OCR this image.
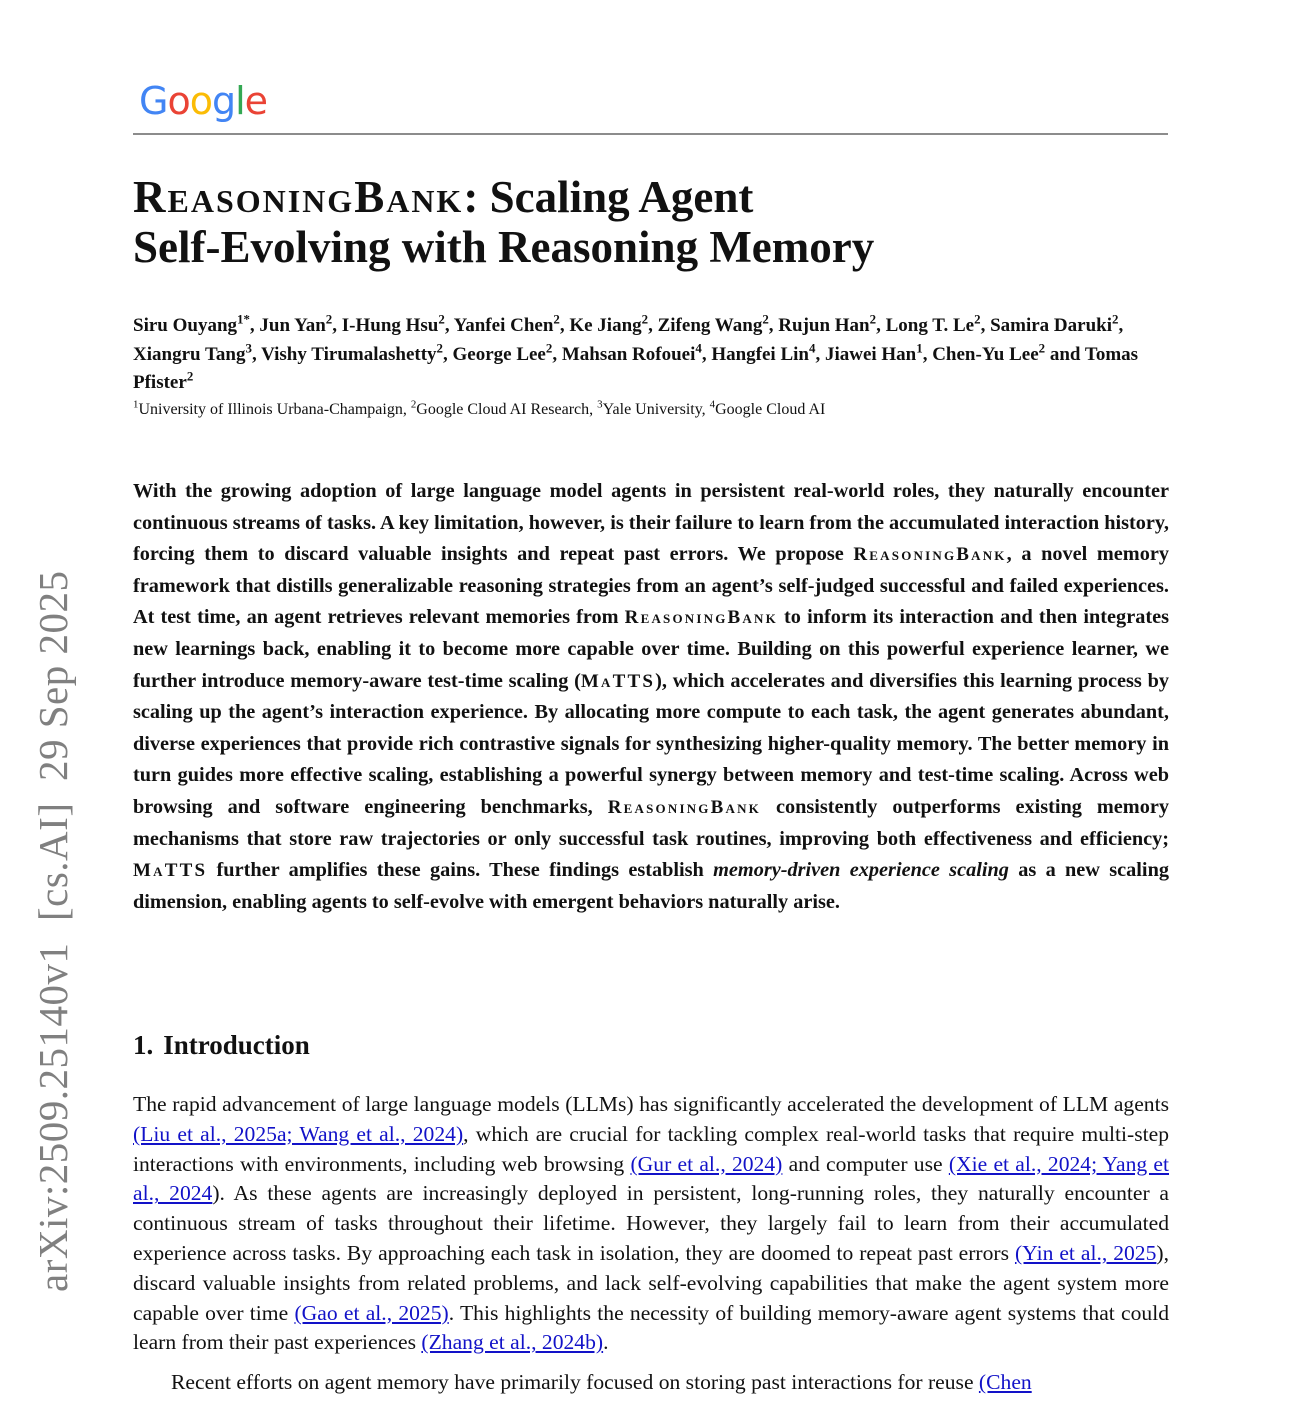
Google
arXiv:2509.25140v1  [cs.AI]  29 Sep 2025
ReasoningBank: Scaling Agent
Self-Evolving with Reasoning Memory
Siru Ouyang$^{1*}$, Jun Yan$^2$, I-Hung Hsu$^2$, Yanfei Chen$^2$, Ke Jiang$^2$, Zifeng Wang$^2$, Rujun Han$^2$, Long T. Le$^2$, Samira Daruki$^2$, Xiangru Tang$^3$, Vishy Tirumalashetty$^2$, George Lee$^2$, Mahsan Rofouei$^4$, Hangfei Lin$^4$, Jiawei Han$^1$, Chen-Yu Lee$^2$ and Tomas Pfister$^2$
$^1$University of Illinois Urbana-Champaign, $^2$Google Cloud AI Research, $^3$Yale University, $^4$Google Cloud AI
With the growing adoption of large language model agents in persistent real-world roles, they naturally encounter continuous streams of tasks. A key limitation, however, is their failure to learn from the accumulated interaction history, forcing them to discard valuable insights and repeat past errors. We propose ReasoningBank, a novel memory framework that distills generalizable reasoning strategies from an agent’s self-judged successful and failed experiences. At test time, an agent retrieves relevant memories from ReasoningBank to inform its interaction and then integrates new learnings back, enabling it to become more capable over time. Building on this powerful experience learner, we further introduce memory-aware test-time scaling (MaTTS), which accelerates and diversifies this learning process by scaling up the agent’s interaction experience. By allocating more compute to each task, the agent generates abundant, diverse experiences that provide rich contrastive signals for synthesizing higher-quality memory. The better memory in turn guides more effective scaling, establishing a powerful synergy between memory and test-time scaling. Across web browsing and software engineering benchmarks, ReasoningBank consistently outperforms existing memory mechanisms that store raw trajectories or only successful task routines, improving both effectiveness and efficiency; MaTTS further amplifies these gains. These findings establish memory-driven experience scaling as a new scaling dimension, enabling agents to self-evolve with emergent behaviors naturally arise.
1. Introduction

The rapid advancement of large language models (LLMs) has significantly accelerated the development of LLM agents (Liu et al., 2025a; Wang et al., 2024), which are crucial for tackling complex real-world tasks that require multi-step interactions with environments, including web browsing (Gur et al., 2024) and computer use (Xie et al., 2024; Yang et al., 2024). As these agents are increasingly deployed in persistent, long-running roles, they naturally encounter a continuous stream of tasks throughout their lifetime. However, they largely fail to learn from their accumulated experience across tasks. By approaching each task in isolation, they are doomed to repeat past errors (Yin et al., 2025), discard valuable insights from related problems, and lack self-evolving capabilities that make the agent system more capable over time (Gao et al., 2025). This highlights the necessity of building memory-aware agent systems that could learn from their past experiences (Zhang et al., 2024b).

Recent efforts on agent memory have primarily focused on storing past interactions for reuse (Chen
